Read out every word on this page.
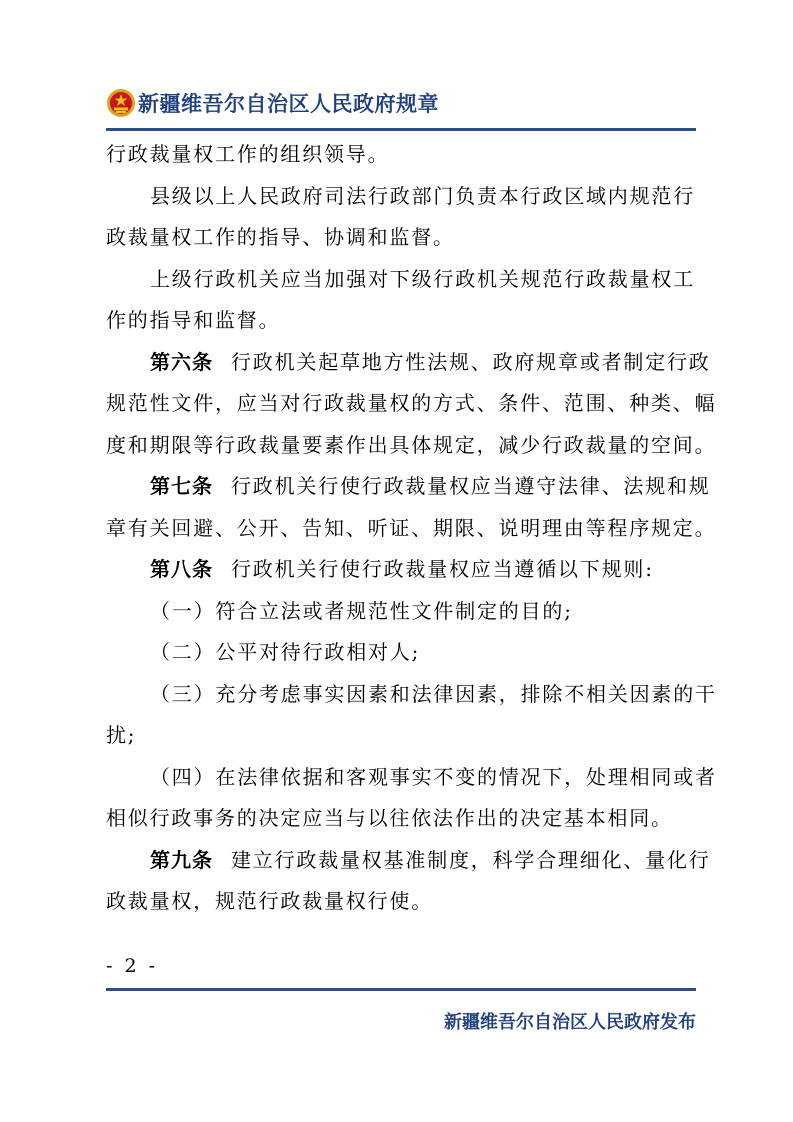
新疆维吾尔自治区人民政府规章
行政裁量权工作的组织领导。
县级以上人民政府司法行政部门负责本行政区域内规范行
政裁量权工作的指导、协调和监督。
上级行政机关应当加强对下级行政机关规范行政裁量权工
作的指导和监督。
第六条 行政机关起草地方性法规、政府规章或者制定行政
规范性文件，应当对行政裁量权的方式、条件、范围、种类、幅
度和期限等行政裁量要素作出具体规定，减少行政裁量的空间。
第七条 行政机关行使行政裁量权应当遵守法律、法规和规
章有关回避、公开、告知、听证、期限、说明理由等程序规定。
第八条 行政机关行使行政裁量权应当遵循以下规则:
（一）符合立法或者规范性文件制定的目的;
（二）公平对待行政相对人;
（三）充分考虑事实因素和法律因素，排除不相关因素的干
扰;
（四）在法律依据和客观事实不变的情况下，处理相同或者
相似行政事务的决定应当与以往依法作出的决定基本相同。
第九条 建立行政裁量权基准制度，科学合理细化、量化行
政裁量权，规范行政裁量权行使。
- 2 -
新疆维吾尔自治区人民政府发布
